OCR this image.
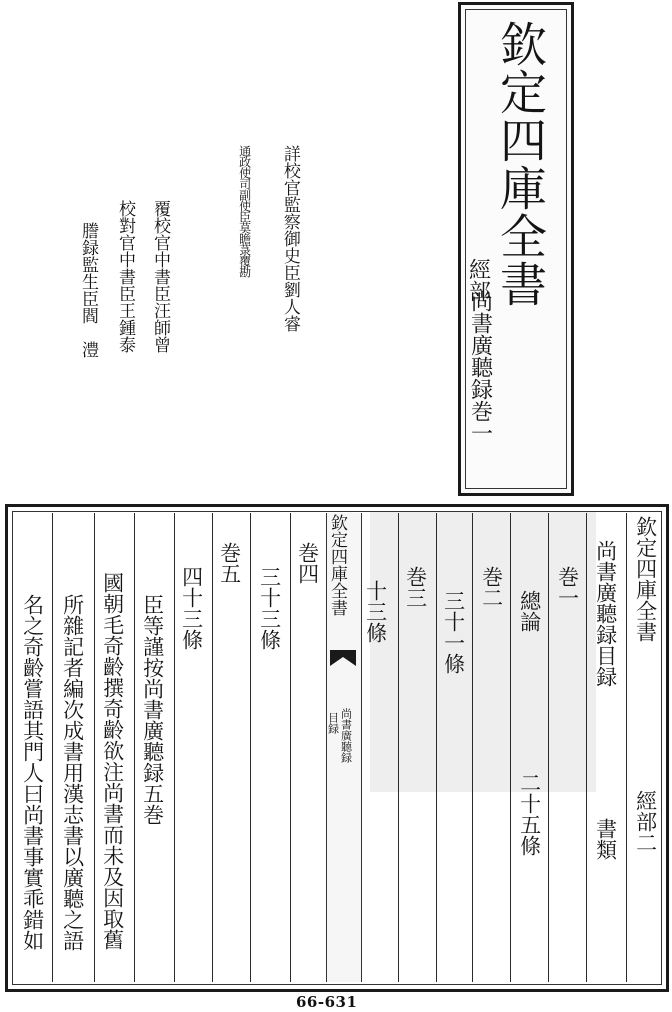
欽定四庫全書
經部
尚書廣聽録巻一
詳校官監察御史臣劉人睿
通政使司副使臣莫瞻菉覆勘
覆校官中書臣汪師曾
校對官中書臣王鍾泰
謄録監生臣閻　澧
欽定四庫全書
尚書廣聽録
目録
欽定四庫全書
經部二
尚書廣聽録目録
書類
巻一
總論
二十五條
巻二
三十一條
巻三
十三條
巻四
三十三條
巻五
四十三條
臣等謹按尚書廣聽録五巻
國朝毛奇齡撰奇齡欲注尚書而未及因取舊
所雜記者編次成書用漢志書以廣聽之語
名之奇齡嘗語其門人曰尚書事實乖錯如
66-631
